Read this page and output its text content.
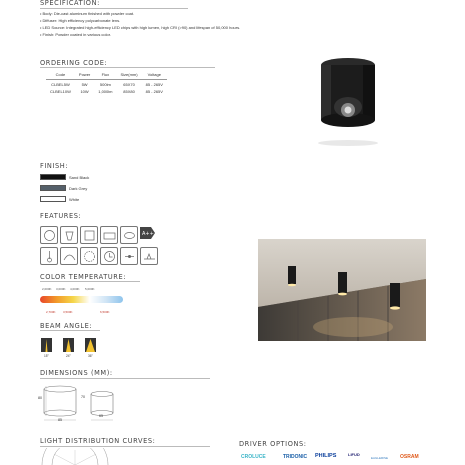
SPECIFICATION:
• Body: Die-cast aluminum finished with powder coat.
• Diffuser: High efficiency polycarbonate lens.
• LED Source: Integrated high-efficiency LED chips with high lumen, high CRI (>90) and lifespan of 50,000 hours.
• Finish: Powder coated in various color.
ORDERING CODE:
Code	Power	Flux	Size(mm)	Voltage
CLBEL5W	5W	500lm	65X70	85 - 265V
CLBEL10W	10W	1,000lm	85X80	85 - 265V
FINISH:
Sand Black
Dark Grey
White
FEATURES:
A++
COLOR TEMPERATURE:
2,000K 3,000K 4,000K 5,000K
2,700K 3,500K	6,500K
BEAM ANGLE:
15°	24°	36°
DIMENSIONS (MM):
80
85
70
65
LIGHT DISTRIBUTION CURVES:	DRIVER OPTIONS:
CROLUCE	TRIDONIC PHILIPS	LIFUD
EAGLERISE OSRAM
